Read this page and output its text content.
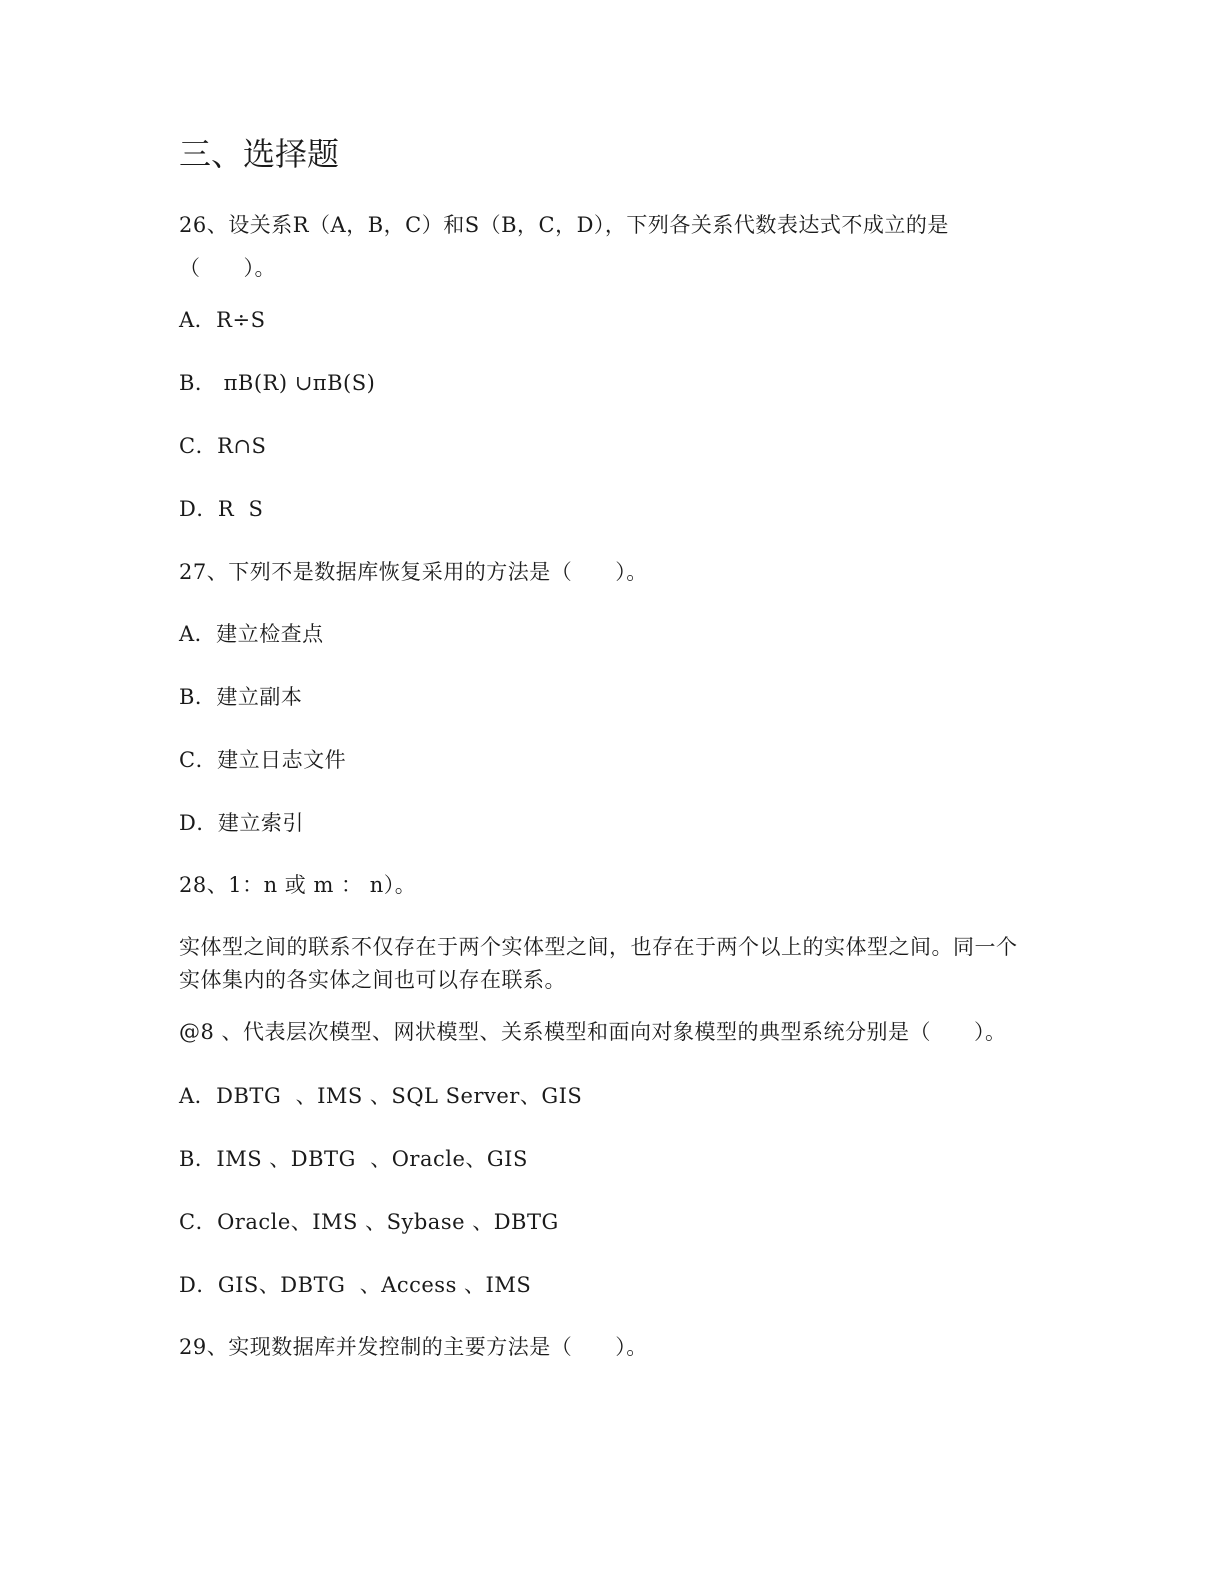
三、选择题
26、设关系R（A，B，C）和S（B，C，D），下列各关系代数表达式不成立的是
（　　）。
A．R÷S
B． πB(R) ∪πB(S)
C．R∩S
D．R  S
27、下列不是数据库恢复采用的方法是（　　）。
A．建立检查点
B．建立副本
C．建立日志文件
D．建立索引
28、1：n 或 m ： n）。
实体型之间的联系不仅存在于两个实体型之间，也存在于两个以上的实体型之间。同一个
实体集内的各实体之间也可以存在联系。
@8 、代表层次模型、网状模型、关系模型和面向对象模型的典型系统分别是（　　）。
A．DBTG  、IMS 、SQL Server、GIS
B．IMS 、DBTG  、Oracle、GIS
C．Oracle、IMS 、Sybase 、DBTG
D．GIS、DBTG  、Access 、IMS
29、实现数据库并发控制的主要方法是（　　）。
